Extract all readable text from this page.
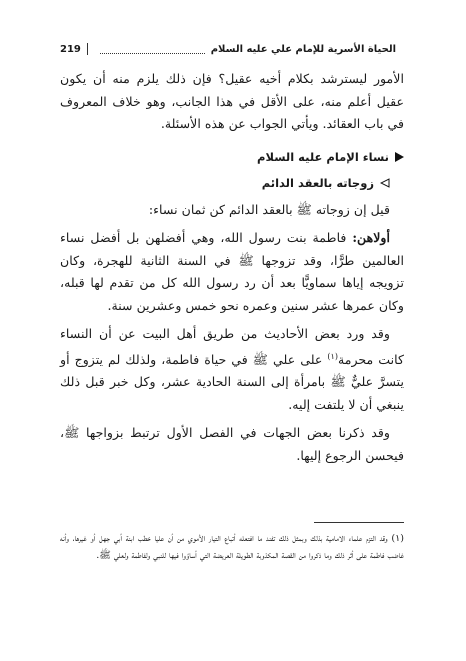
الحياة الأسرية للإمام علي عليه السلام
219

الأمور ليسترشد بكلام أخيه عقيل؟ فإن ذلك يلزم منه أن يكون عقيل أعلم منه، على الأقل في هذا الجانب، وهو خلاف المعروف في باب العقائد. ويأتي الجواب عن هذه الأسئلة.

نساء الإمام عليه السلام
زوجاته بالعقد الدائم

قيل إن زوجاته ﷺ بالعقد الدائم كن ثمان نساء:

أولاهن: فاطمة بنت رسول الله، وهي أفضلهن بل أفضل نساء العالمين طرًّا، وقد تزوجها ﷺ في السنة الثانية للهجرة، وكان تزويجه إياها سماويًّا بعد أن رد رسول الله كل من تقدم لها قبله، وكان عمرها عشر سنين وعمره نحو خمس وعشرين سنة.

وقد ورد بعض الأحاديث من طريق أهل البيت عن أن النساء كانت محرمة$^{(١)}$ على علي ﷺ في حياة فاطمة، ولذلك لم يتزوج أو يتسرَّ عليٌّ ﷺ بامرأة إلى السنة الحادية عشر، وكل خبر قبل ذلك ينبغي أن لا يلتفت إليه.

وقد ذكرنا بعض الجهات في الفصل الأول ترتبط بزواجها ﷺ، فيحسن الرجوع إليها.

(١) وقد التزم علماء الامامية بذلك وبمثل ذلك تفند ما افتعله أتباع التيار الأموي من أن عليا خطب ابنة أبي جهل أو غيرها، وأنه غاضب فاطمة على أثر ذلك وما ذكروا من القصة المكذوبة الطويلة العريضة التي أساؤوا فيها للنبي ولفاطمة ولعلي ﷺ.
